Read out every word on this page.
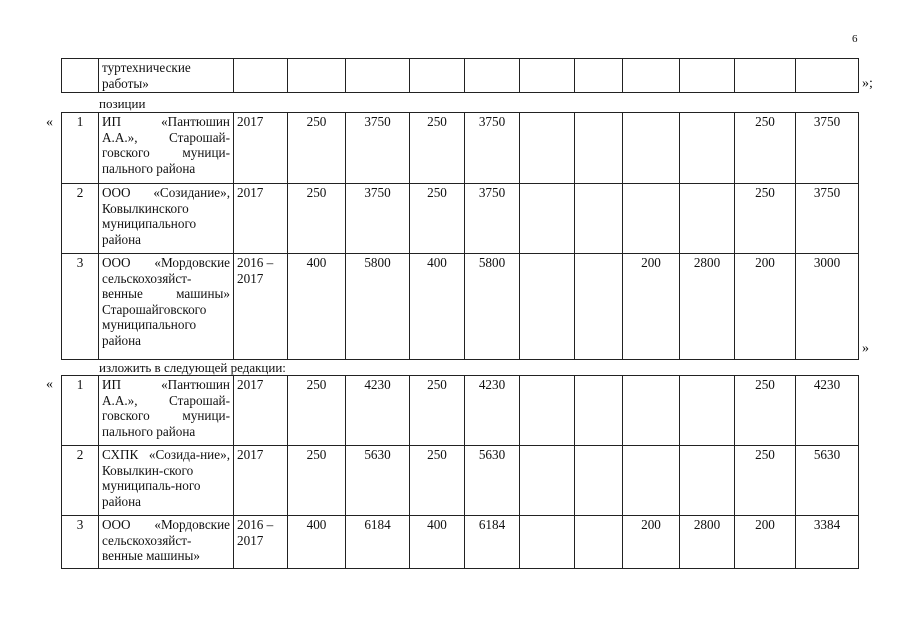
6
	туртехнические работы»												»;
позиции
« 1	ИП «Пантюшин А.А.», Старошай-говского муници-пального района	2017	250	3750	250	3750					250	3750
2	ООО «Созидание», Ковылкинского муниципального района	2017	250	3750	250	3750					250	3750
3	ООО «Мордовские сельскохозяйст-венные машины» Старошайговского муниципального района	2016 – 2017	400	5800	400	5800			200	2800	200	3000
»
изложить в следующей редакции:
« 1	ИП «Пантюшин А.А.», Старошай-говского муници-пального района	2017	250	4230	250	4230					250	4230
2	СХПК «Созида-ние», Ковылкин-ского муниципаль-ного района	2017	250	5630	250	5630					250	5630
3	ООО «Мордовские сельскохозяйст-венные машины»	2016 – 2017	400	6184	400	6184			200	2800	200	3384
